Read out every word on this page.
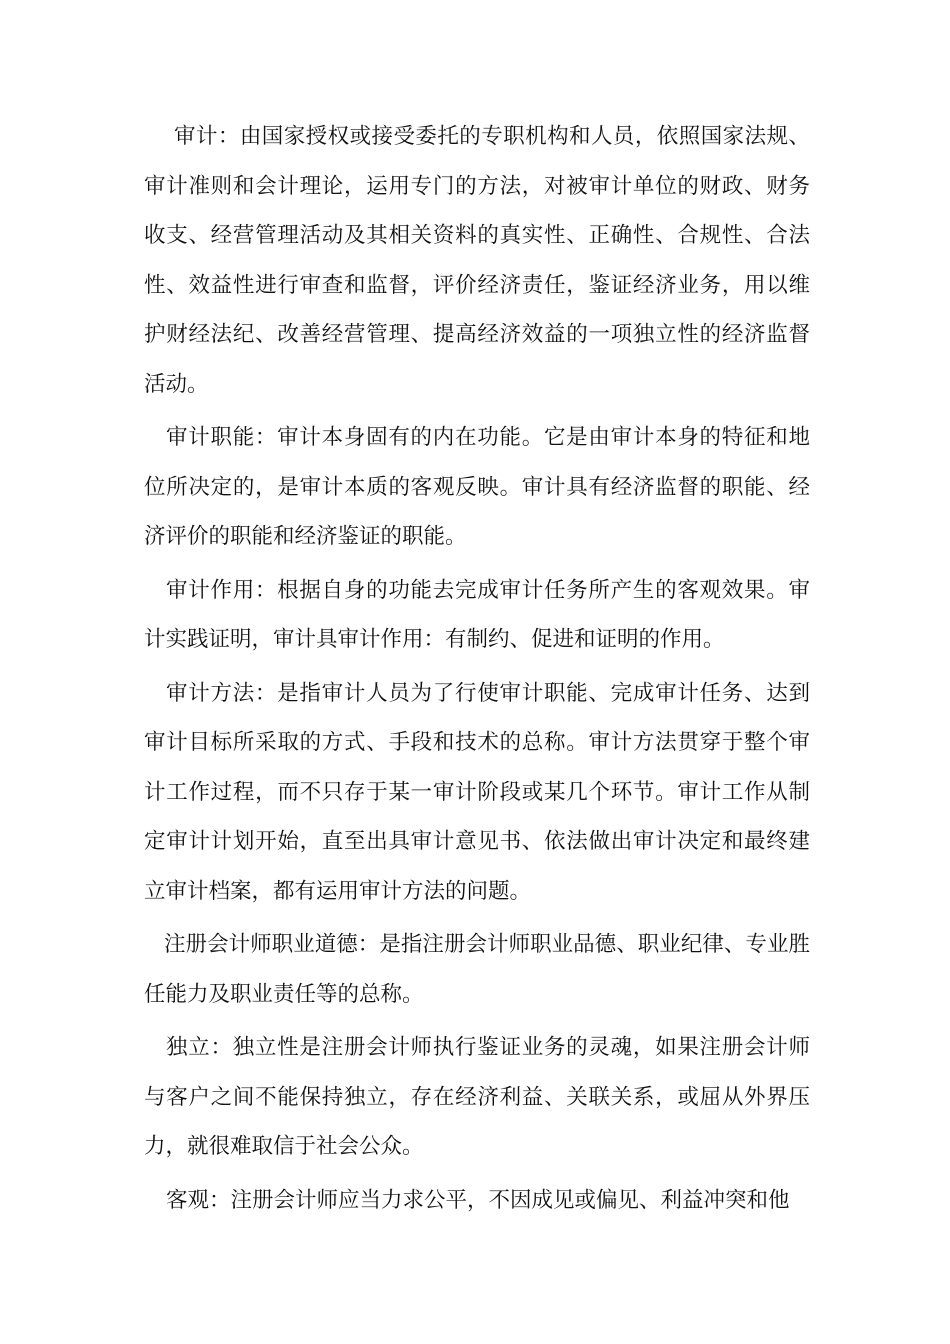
审计：由国家授权或接受委托的专职机构和人员，依照国家法规、审计准则和会计理论，运用专门的方法，对被审计单位的财政、财务收支、经营管理活动及其相关资料的真实性、正确性、合规性、合法性、效益性进行审查和监督，评价经济责任，鉴证经济业务，用以维护财经法纪、改善经营管理、提高经济效益的一项独立性的经济监督活动。

审计职能：审计本身固有的内在功能。它是由审计本身的特征和地位所决定的，是审计本质的客观反映。审计具有经济监督的职能、经济评价的职能和经济鉴证的职能。

审计作用：根据自身的功能去完成审计任务所产生的客观效果。审计实践证明，审计具审计作用：有制约、促进和证明的作用。

审计方法：是指审计人员为了行使审计职能、完成审计任务、达到审计目标所采取的方式、手段和技术的总称。审计方法贯穿于整个审计工作过程，而不只存于某一审计阶段或某几个环节。审计工作从制定审计计划开始，直至出具审计意见书、依法做出审计决定和最终建立审计档案，都有运用审计方法的问题。

注册会计师职业道德：是指注册会计师职业品德、职业纪律、专业胜任能力及职业责任等的总称。

独立：独立性是注册会计师执行鉴证业务的灵魂，如果注册会计师与客户之间不能保持独立，存在经济利益、关联关系，或屈从外界压力，就很难取信于社会公众。

客观：注册会计师应当力求公平，不因成见或偏见、利益冲突和他
